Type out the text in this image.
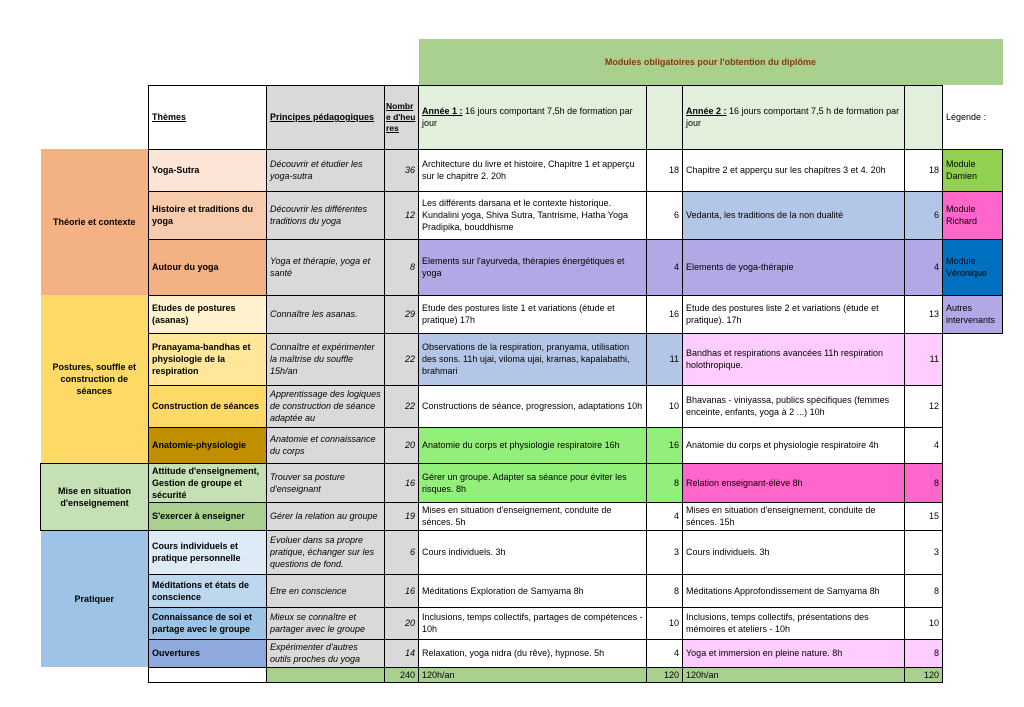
				Modules obligatoires pour l'obtention du diplôme				
	Thèmes	Principes pédagogiques	Nombre d'heures	Année 1 : 16 jours comportant 7,5h de formation par jour		Année 2 : 16 jours comportant 7,5 h de formation par jour		Légende :
Théorie et contexte	Yoga-Sutra	Découvrir et étudier les yoga-sutra	36	Architecture du livre et histoire, Chapitre 1 et apperçu sur le chapitre 2. 20h	18	Chapitre 2 et apperçu sur les chapitres 3 et 4. 20h	18	Module Damien
	Histoire et traditions du yoga	Découvrir les différentes traditions du yoga	12	Les différents darsana et le contexte historique. Kundalini yoga, Shiva Sutra, Tantrisme, Hatha Yoga Pradipika, bouddhisme	6	Vedanta, les traditions de la non dualité	6	Module Richard
	Autour du yoga	Yoga et thérapie, yoga et santé	8	Elements sur l'ayurveda, thérapies énergétiques et yoga	4	Elements de yoga-thérapie	4	Module Véronique
Postures, souffle et construction de séances	Etudes de postures (asanas)	Connaître les asanas.	29	Etude des postures liste 1 et variations (étude et pratique) 17h	16	Etude des postures liste 2 et variations (étude et pratique). 17h	13	Autres intervenants
	Pranayama-bandhas et physiologie de la respiration	Connaître et expérimenter la maîtrise du souffle 15h/an	22	Observations de la respiration, pranyama, utilisation des sons. 11h ujai, viloma ujai, kramas, kapalabathi, brahmari	11	Bandhas et respirations avancées 11h respiration holothropique.	11	
	Construction de séances	Apprentissage des logiques de construction de séance adaptée au	22	Constructions de séance, progression, adaptations 10h	10	Bhavanas - viniyassa, publics spécifiques (femmes enceinte, enfants, yoga à 2 ...) 10h	12	
	Anatomie-physiologie	Anatomie et connaissance du corps	20	Anatomie du corps et physiologie respiratoire 16h	16	Anatomie du corps et physiologie respiratoire 4h	4	
Mise en situation d'enseignement	Attitude d'enseignement, Gestion de groupe et sécurité	Trouver sa posture d'enseignant	16	Gérer un groupe. Adapter sa séance pour éviter les risques. 8h	8	Relation enseignant-élève 8h	8	
	S'exercer à enseigner	Gérer la relation au groupe	19	Mises en situation d'enseignement, conduite de sénces. 5h	4	Mises en situation d'enseignement, conduite de sénces. 15h	15	
Pratiquer	Cours individuels et pratique personnelle	Evoluer dans sa propre pratique, échanger sur les questions de fond.	6	Cours individuels. 3h	3	Cours individuels. 3h	3	
	Méditations et états de conscience	Etre en conscience	16	Méditations Exploration de Samyama 8h	8	Méditations Approfondissement de Samyama 8h	8	
	Connaissance de soi et partage avec le groupe	Mieux se connaître et partager avec le groupe	20	Inclusions, temps collectifs, partages de compétences - 10h	10	Inclusions, temps collectifs, présentations des mémoires et ateliers - 10h	10	
	Ouvertures	Expérimenter d'autres outils proches du yoga	14	Relaxation, yoga nidra (du rêve), hypnose. 5h	4	Yoga et immersion en pleine nature. 8h	8	
			240	120h/an	120	120h/an	120	
